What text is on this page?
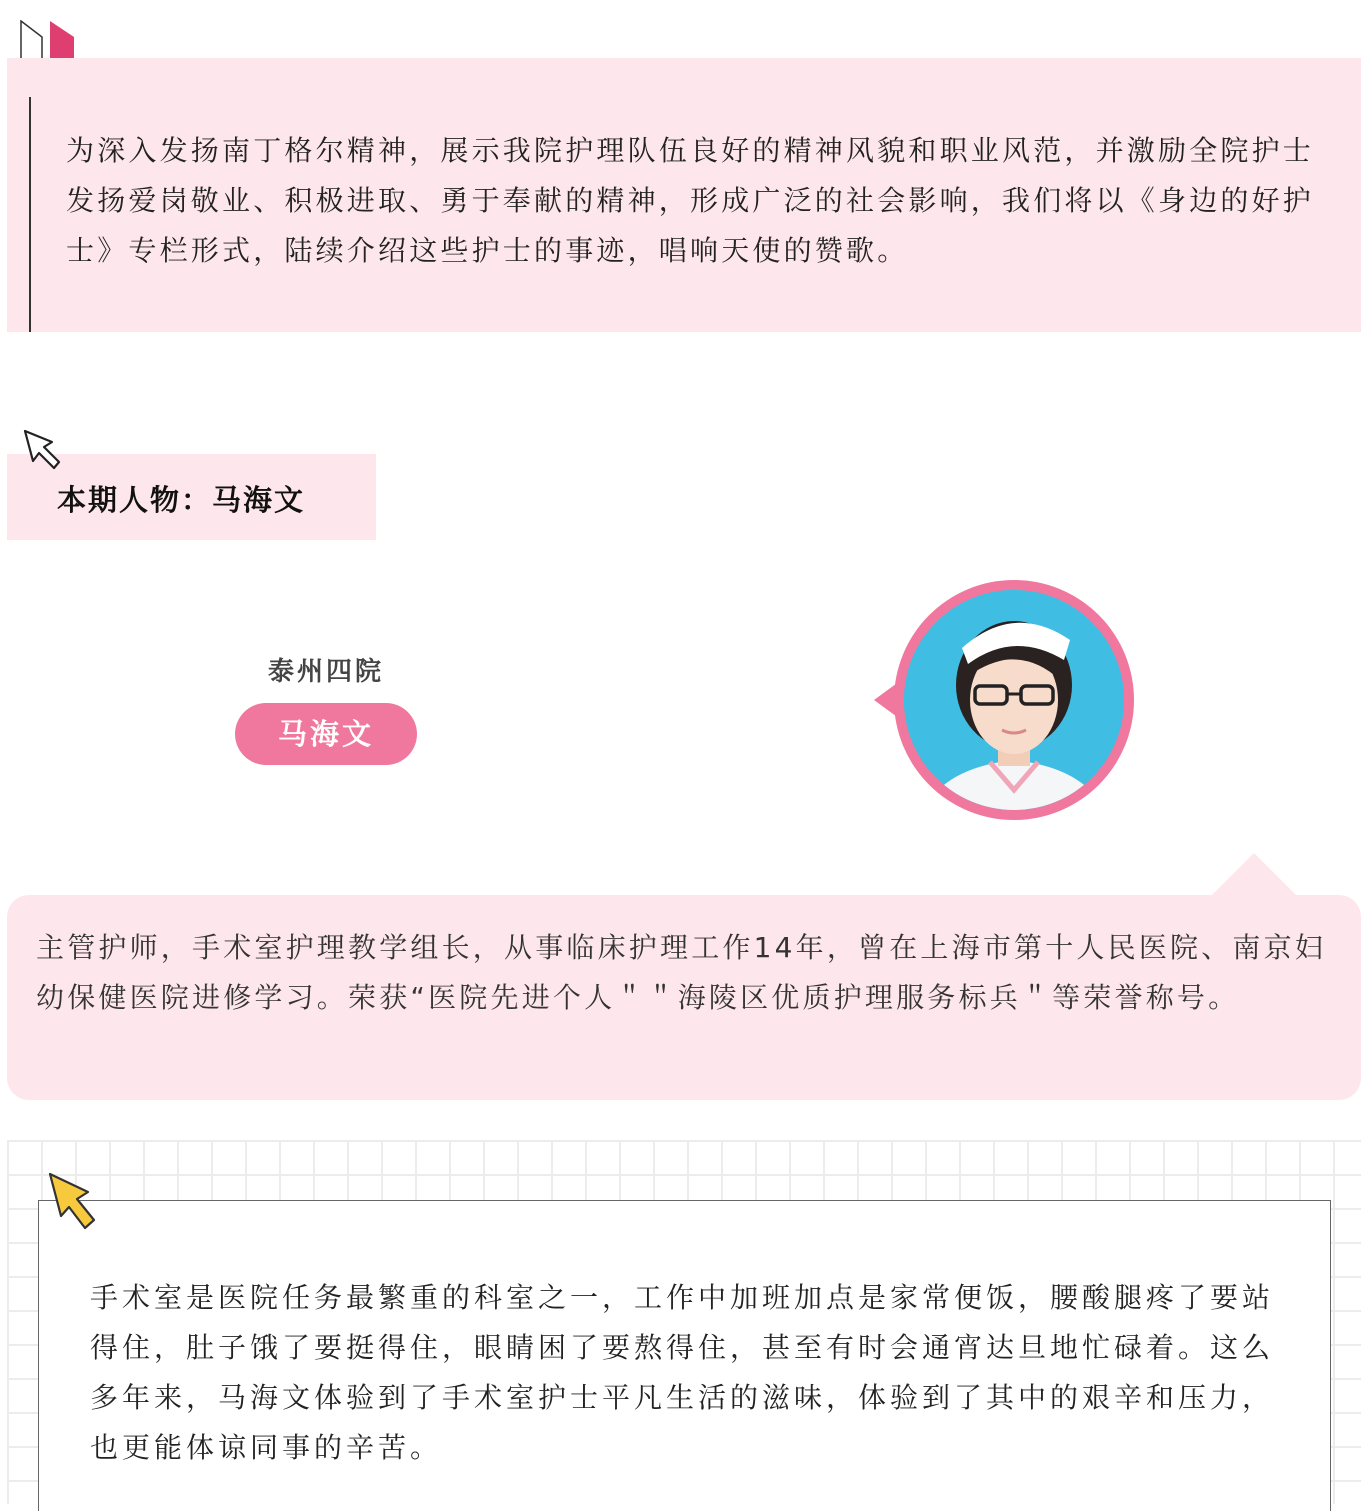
为深入发扬南丁格尔精神，展示我院护理队伍良好的精神风貌和职业风范，并激励全院护士发扬爱岗敬业、积极进取、勇于奉献的精神，形成广泛的社会影响，我们将以《身边的好护士》专栏形式，陆续介绍这些护士的事迹，唱响天使的赞歌。
本期人物：马海文
泰州四院
马海文
主管护师，手术室护理教学组长，从事临床护理工作14年，曾在上海市第十人民医院、南京妇幼保健医院进修学习。荣获“医院先进个人＂＂海陵区优质护理服务标兵＂等荣誉称号。
手术室是医院任务最繁重的科室之一，工作中加班加点是家常便饭，腰酸腿疼了要站得住，肚子饿了要挺得住，眼睛困了要熬得住，甚至有时会通宵达旦地忙碌着。这么多年来，马海文体验到了手术室护士平凡生活的滋味，体验到了其中的艰辛和压力，也更能体谅同事的辛苦。
